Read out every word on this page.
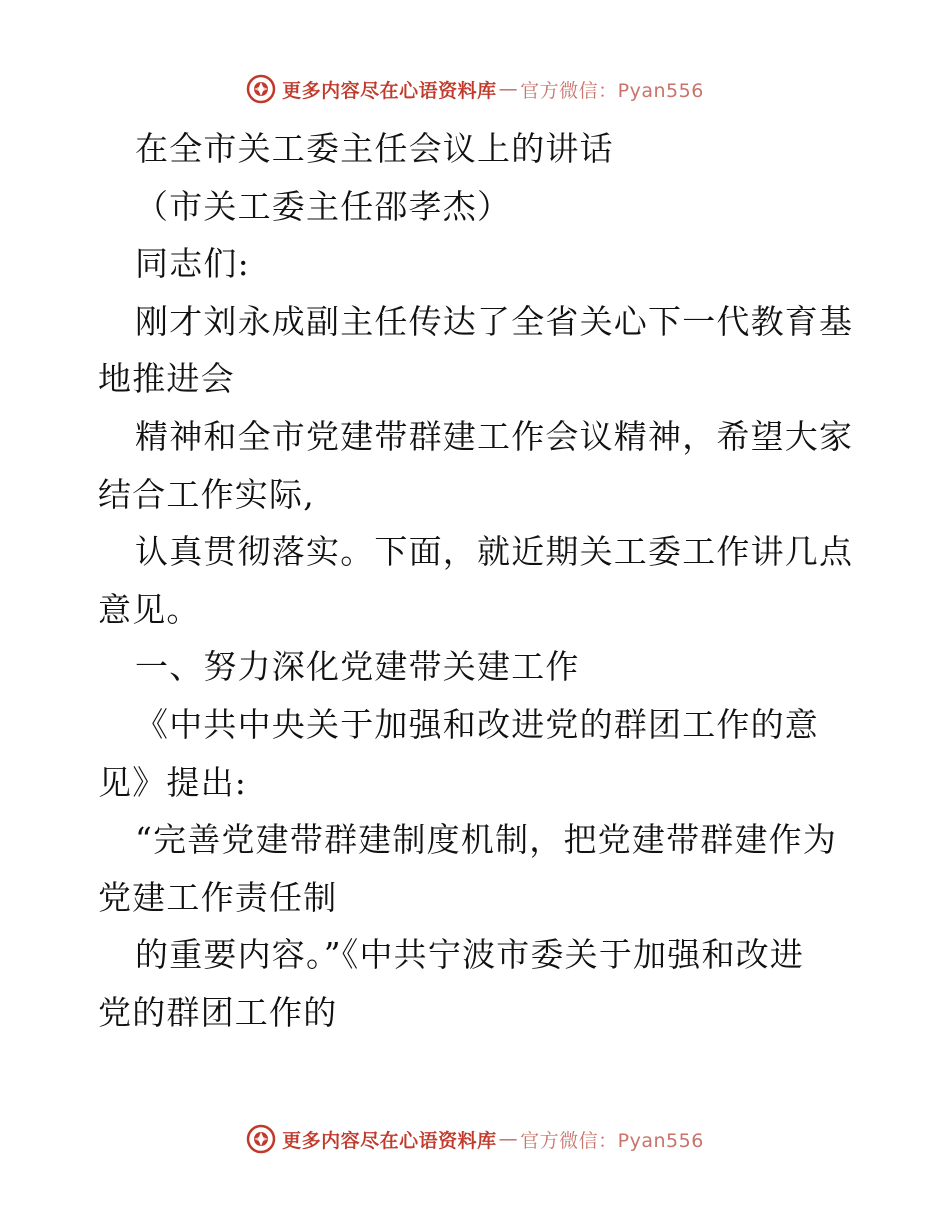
更多内容尽在心语资料库 — 官方微信：Pyan556
在全市关工委主任会议上的讲话
（市关工委主任邵孝杰）
同志们:
刚才刘永成副主任传达了全省关心下一代教育基
地推进会
精神和全市党建带群建工作会议精神，希望大家
结合工作实际,
认真贯彻落实。下面，就近期关工委工作讲几点
意见。
一、努力深化党建带关建工作
《中共中央关于加强和改进党的群团工作的意
见》提出:
“完善党建带群建制度机制，把党建带群建作为
党建工作责任制
的重要内容。”《中共宁波市委关于加强和改进
党的群团工作的
更多内容尽在心语资料库 — 官方微信：Pyan556
